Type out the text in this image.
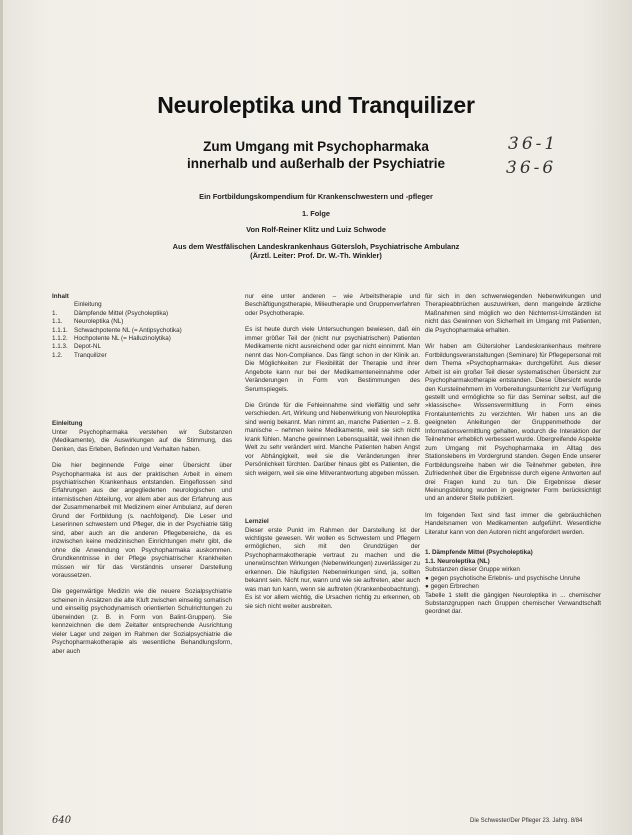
Neuroleptika und Tranquilizer
Zum Umgang mit Psychopharmaka
innerhalb und außerhalb der Psychiatrie
36-1
36-6
Ein Fortbildungskompendium für Krankenschwestern und -pfleger
1. Folge
Von Rolf-Reiner Klitz und Luiz Schwode
Aus dem Westfälischen Landeskrankenhaus Gütersloh, Psychiatrische Ambulanz
(Ärztl. Leiter: Prof. Dr. W.-Th. Winkler)

Inhalt

Einleitung
1.	Dämpfende Mittel (Psycholeptika)
1.1.	Neuroleptika (NL)
1.1.1. Schwachpotente NL (= Antipsychotika)
1.1.2. Hochpotente NL (= Halluzinolytika)
1.1.3. Depot-NL
1.2.	Tranquilizer

Einleitung

Unter Psychopharmaka verstehen wir Substanzen (Medikamente), die Auswirkungen auf die Stimmung, das Denken, das Erleben, Befinden und Verhalten haben.

Die hier beginnende Folge einer Übersicht über Psychopharmaka ist aus der praktischen Arbeit in einem psychiatrischen Krankenhaus entstanden. Eingeflossen sind Erfahrungen aus der angegliederten neurologischen und internistischen Abteilung, vor allem aber aus der Erfahrung aus der Zusammenarbeit mit Medizinern einer Ambulanz, auf deren Grund der Fortbildung (s. nachfolgend). Die Leser und Leserinnen schwestern und Pfleger, die in der Psychiatrie tätig sind, aber auch an die anderen Pflegebereiche, da es inzwischen keine medizinischen Einrichtungen mehr gibt, die ohne die Anwendung von Psychopharmaka auskommen. Grundkenntnisse in der Pflege psychiatrischer Krankheiten müssen wir für das Verständnis unserer Darstellung voraussetzen.

Die gegenwärtige Medizin wie die neuere Sozialpsychiatrie scheinen in Ansätzen die alte Kluft zwischen einseitig somatisch und einseitig psychodynamisch orientierten Schulrichtungen zu überwinden (z. B. in Form von Balint-Gruppen). Sie kennzeichnen die dem Zeitalter entsprechende Ausrichtung vieler Lager und zeigen im Rahmen der Sozialpsychiatrie die Psychopharmakotherapie als wesentliche Behandlungsform, aber auch

nur eine unter anderen – wie Arbeitstherapie und Beschäftigungstherapie, Milieutherapie und Gruppenverfahren oder Psychotherapie.

Es ist heute durch viele Untersuchungen bewiesen, daß ein immer größer Teil der (nicht nur psychiatrischen) Patienten Medikamente nicht ausreichend oder gar nicht einnimmt. Man nennt das Non-Compliance. Das fängt schon in der Klinik an. Die Möglichkeiten zur Flexibilität der Therapie und ihrer Angebote kann nur bei der Medikamenteneinnahme oder Veränderungen in Form von Bestimmungen des Serumspiegels.

Die Gründe für die Fehleinnahme sind vielfältig und sehr verschieden. Art, Wirkung und Nebenwirkung von Neuroleptika sind wenig bekannt. Man nimmt an, manche Patienten – z. B. manische – nehmen keine Medikamente, weil sie sich nicht krank fühlen. Manche gewinnen Lebensqualität, weil ihnen die Welt zu sehr verändert wird. Manche Patienten haben Angst vor Abhängigkeit, weil sie die Veränderungen ihrer Persönlichkeit fürchten. Darüber hinaus gibt es Patienten, die sich weigern, weil sie eine Mitverantwortung abgeben müssen.

Lernziel

Dieser erste Punkt im Rahmen der Darstellung ist der wichtigste gewesen. Wir wollen es Schwestern und Pflegern ermöglichen, sich mit den Grundzügen der Psychopharmakotherapie vertraut zu machen und die unerwünschten Wirkungen (Nebenwirkungen) zuverlässiger zu erkennen. Die häufigsten Nebenwirkungen sind, ja, sollten bekannt sein. Nicht nur, wann und wie sie auftreten, aber auch was man tun kann, wenn sie auftreten (Krankenbeobachtung). Es ist vor allem wichtig, die Ursachen richtig zu erkennen, ob sie sich nicht weiter ausbreiten.

für sich in den schwerwiegenden Nebenwirkungen und Therapieabbrüchen auszuwirken, denn mangelnde ärztliche Maßnahmen sind möglich wo den Nichternst-Umständen ist nicht das Gewinnen von Sicherheit im Umgang mit Patienten, die Psychopharmaka erhalten.

Wir haben am Gütersloher Landeskrankenhaus mehrere Fortbildungsveranstaltungen (Seminare) für Pflegepersonal mit dem Thema »Psychopharmaka« durchgeführt. Aus dieser Arbeit ist ein großer Teil dieser systematischen Übersicht zur Psychopharmakotherapie entstanden. Diese Übersicht wurde den Kursteilnehmern im Vorbereitungsunterricht zur Verfügung gestellt und ermöglichte so für das Seminar selbst, auf die »klassische« Wissensvermittlung in Form eines Frontalunterrichts zu verzichten. Wir haben uns an die geeigneten Anleitungen der Gruppenmethode der Informationsvermittlung gehalten, wodurch die Interaktion der Teilnehmer erheblich verbessert wurde. Übergreifende Aspekte zum Umgang mit Psychopharmaka im Alltag des Stationslebens im Vordergrund standen. Gegen Ende unserer Fortbildungsreihe haben wir die Teilnehmer gebeten, ihre Zufriedenheit über die Ergebnisse durch eigene Antworten auf drei Fragen kund zu tun. Die Ergebnisse dieser Meinungsbildung wurden in geeigneter Form berücksichtigt und an anderer Stelle publiziert.

Im folgenden Text sind fast immer die gebräuchlichen Handelsnamen von Medikamenten aufgeführt. Wesentliche Literatur kann von den Autoren nicht angefordert werden.

1. Dämpfende Mittel (Psycholeptika)

1.1. Neuroleptika (NL)

Substanzen dieser Gruppe wirken

● gegen psychotische Erlebnis- und psychische Unruhe

● gegen Erbrechen

Tabelle 1 stellt die gängigen Neuroleptika in ... chemischer Substanzgruppen nach Gruppen chemischer Verwandtschaft geordnet dar.

640	Die Schwester/Der Pfleger 23. Jahrg. 8/84
